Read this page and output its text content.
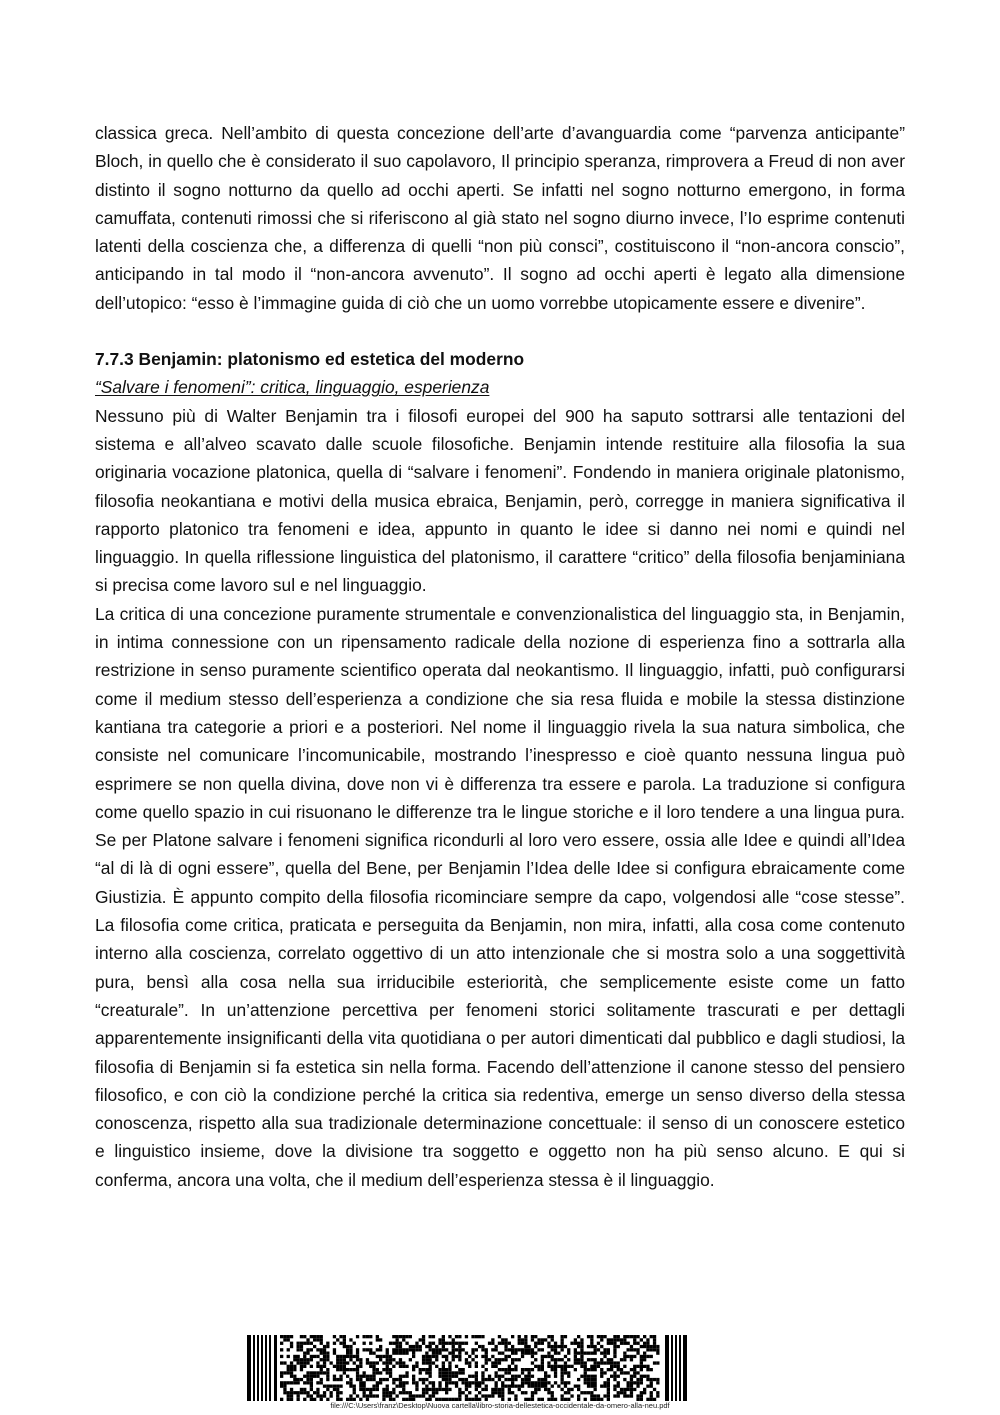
classica greca. Nell’ambito di questa concezione dell’arte d’avanguardia come “parvenza anticipante” Bloch, in quello che è considerato il suo capolavoro, Il principio speranza, rimprovera a Freud di non aver distinto il sogno notturno da quello ad occhi aperti. Se infatti nel sogno notturno emergono, in forma camuffata, contenuti rimossi che si riferiscono al già stato nel sogno diurno invece, l’Io esprime contenuti latenti della coscienza che, a differenza di quelli “non più consci”, costituiscono il “non-ancora conscio”, anticipando in tal modo il “non-ancora avvenuto”. Il sogno ad occhi aperti è legato alla dimensione dell’utopico: “esso è l’immagine guida di ciò che un uomo vorrebbe utopicamente essere e divenire”.

7.7.3 Benjamin: platonismo ed estetica del moderno

“Salvare i fenomeni”: critica, linguaggio, esperienza

Nessuno più di Walter Benjamin tra i filosofi europei del 900 ha saputo sottrarsi alle tentazioni del sistema e all’alveo scavato dalle scuole filosofiche. Benjamin intende restituire alla filosofia la sua originaria vocazione platonica, quella di “salvare i fenomeni”. Fondendo in maniera originale platonismo, filosofia neokantiana e motivi della musica ebraica, Benjamin, però, corregge in maniera significativa il rapporto platonico tra fenomeni e idea, appunto in quanto le idee si danno nei nomi e quindi nel linguaggio. In quella riflessione linguistica del platonismo, il carattere “critico” della filosofia benjaminiana si precisa come lavoro sul e nel linguaggio.

La critica di una concezione puramente strumentale e convenzionalistica del linguaggio sta, in Benjamin, in intima connessione con un ripensamento radicale della nozione di esperienza fino a sottrarla alla restrizione in senso puramente scientifico operata dal neokantismo. Il linguaggio, infatti, può configurarsi come il medium stesso dell’esperienza a condizione che sia resa fluida e mobile la stessa distinzione kantiana tra categorie a priori e a posteriori. Nel nome il linguaggio rivela la sua natura simbolica, che consiste nel comunicare l’incomunicabile, mostrando l’inespresso e cioè quanto nessuna lingua può esprimere se non quella divina, dove non vi è differenza tra essere e parola. La traduzione si configura come quello spazio in cui risuonano le differenze tra le lingue storiche e il loro tendere a una lingua pura. Se per Platone salvare i fenomeni significa ricondurli al loro vero essere, ossia alle Idee e quindi all’Idea “al di là di ogni essere”, quella del Bene, per Benjamin l’Idea delle Idee si configura ebraicamente come Giustizia. È appunto compito della filosofia ricominciare sempre da capo, volgendosi alle “cose stesse”. La filosofia come critica, praticata e perseguita da Benjamin, non mira, infatti, alla cosa come contenuto interno alla coscienza, correlato oggettivo di un atto intenzionale che si mostra solo a una soggettività pura, bensì alla cosa nella sua irriducibile esteriorità, che semplicemente esiste come un fatto “creaturale”. In un’attenzione percettiva per fenomeni storici solitamente trascurati e per dettagli apparentemente insignificanti della vita quotidiana o per autori dimenticati dal pubblico e dagli studiosi, la filosofia di Benjamin si fa estetica sin nella forma. Facendo dell’attenzione il canone stesso del pensiero filosofico, e con ciò la condizione perché la critica sia redentiva, emerge un senso diverso della stessa conoscenza, rispetto alla sua tradizionale determinazione concettuale: il senso di un conoscere estetico e linguistico insieme, dove la divisione tra soggetto e oggetto non ha più senso alcuno. E qui si conferma, ancora una volta, che il medium dell’esperienza stessa è il linguaggio.

file:///C:\Users\franz\Desktop\Nuova cartella\libro-storia-dellestetica-occidentale-da-omero-alla-neu.pdf
